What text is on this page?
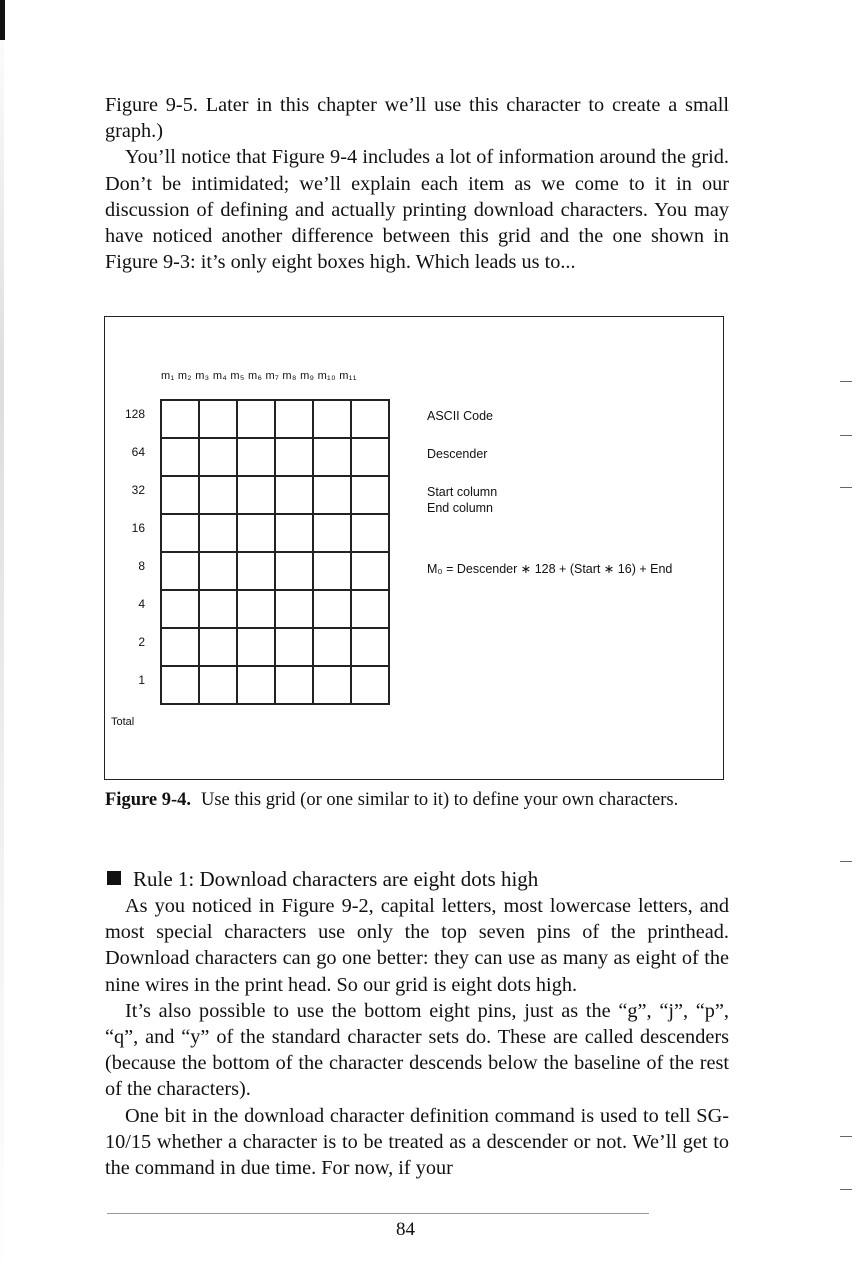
Figure 9-5. Later in this chapter we’ll use this character to create a small graph.)

You’ll notice that Figure 9-4 includes a lot of information around the grid. Don’t be intimidated; we’ll explain each item as we come to it in our discussion of defining and actually printing download characters. You may have noticed another difference between this grid and the one shown in Figure 9-3: it’s only eight boxes high. Which leads us to...

m₁ m₂ m₃ m₄ m₅ m₆ m₇ m₈ m₉ m₁₀ m₁₁
128
64
32
16
8
4
2
1
Total
ASCII Code
Descender
Start column
End column
M₀ = Descender ∗ 128 + (Start ∗ 16) + End
Figure 9-4. Use this grid (or one similar to it) to define your own characters.
Rule 1: Download characters are eight dots high

As you noticed in Figure 9-2, capital letters, most lowercase letters, and most special characters use only the top seven pins of the printhead. Download characters can go one better: they can use as many as eight of the nine wires in the print head. So our grid is eight dots high.

It’s also possible to use the bottom eight pins, just as the “g”, “j”, “p”, “q”, and “y” of the standard character sets do. These are called descenders (because the bottom of the character descends below the baseline of the rest of the characters).

One bit in the download character definition command is used to tell SG-10/15 whether a character is to be treated as a descender or not. We’ll get to the command in due time. For now, if your

84
